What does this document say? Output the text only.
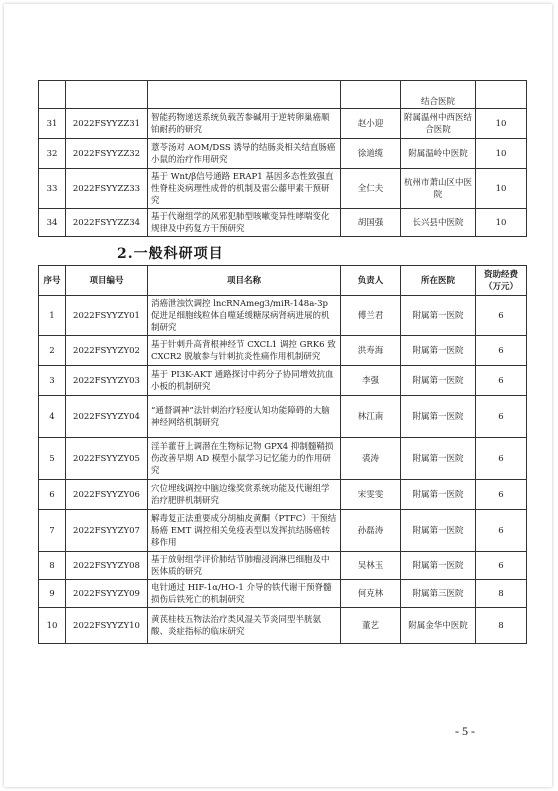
				结合医院	
31	2022FSYYZZ31	智能药物递送系统负载苦参碱用于逆转卵巢癌顺铂耐药的研究	赵小迎	附属温州中西医结合医院	10
32	2022FSYYZZ32	薏苓汤对 AOM/DSS 诱导的结肠炎相关结直肠癌小鼠的治疗作用研究	徐道缆	附属温岭中医院	10
33	2022FSYYZZ33	基于 Wnt/β信号通路 ERAP1 基因多态性致强直性脊柱炎病理性成骨的机制及雷公藤甲素干预研究	全仁夫	杭州市萧山区中医院	10
34	2022FSYYZZ34	基于代谢组学的风邪犯肺型咳嗽变异性哮喘变化规律及中药复方干预研究	胡国强	长兴县中医院	10
2.一般科研项目
序号	项目编号	项目名称	负责人	所在医院	资助经费（万元）
1	2022FSYYZY01	消癌泄浊饮调控 lncRNAmeg3/miR-148a-3p 促进足细胞线粒体自噬延缓糖尿病肾病进展的机制研究	傅兰君	附属第一医院	6
2	2022FSYYZY02	基于针刺升高背根神经节 CXCL1 调控 GRK6 致 CXCR2 脱敏参与针刺抗炎性痛作用机制研究	洪寿海	附属第一医院	6
3	2022FSYYZY03	基于 PI3K-AKT 通路探讨中药分子协同增效抗血小板的机制研究	李强	附属第一医院	6
4	2022FSYYZY04	“通督调神”法针刺治疗轻度认知功能障碍的大脑神经网络机制研究	林江南	附属第一医院	6
5	2022FSYYZY05	淫羊藿苷上调潜在生物标记物 GPX4 抑制髓鞘损伤改善早期 AD 模型小鼠学习记忆能力的作用研究	裘涛	附属第一医院	6
6	2022FSYYZY06	穴位埋线调控中脑边缘奖赏系统功能及代谢组学治疗肥胖机制研究	宋雯雯	附属第一医院	6
7	2022FSYYZY07	解毒复正法重要成分胡柚皮黄酮（PTFC）干预结肠癌 EMT 调控相关免疫表型以发挥抗结肠癌转移作用	孙磊涛	附属第一医院	6
8	2022FSYYZY08	基于放射组学评价肺结节肺瘤浸润淋巴细胞及中医体质的研究	吴林玉	附属第一医院	6
9	2022FSYYZY09	电针通过 HIF-1α/HO-1 介导的铁代谢干预脊髓损伤后铁死亡的机制研究	何克林	附属第三医院	8
10	2022FSYYZY10	黄芪桂枝五物法治疗类风湿关节炎同型半胱氨酸、炎症指标的临床研究	董艺	附属金华中医院	8
- 5 -
